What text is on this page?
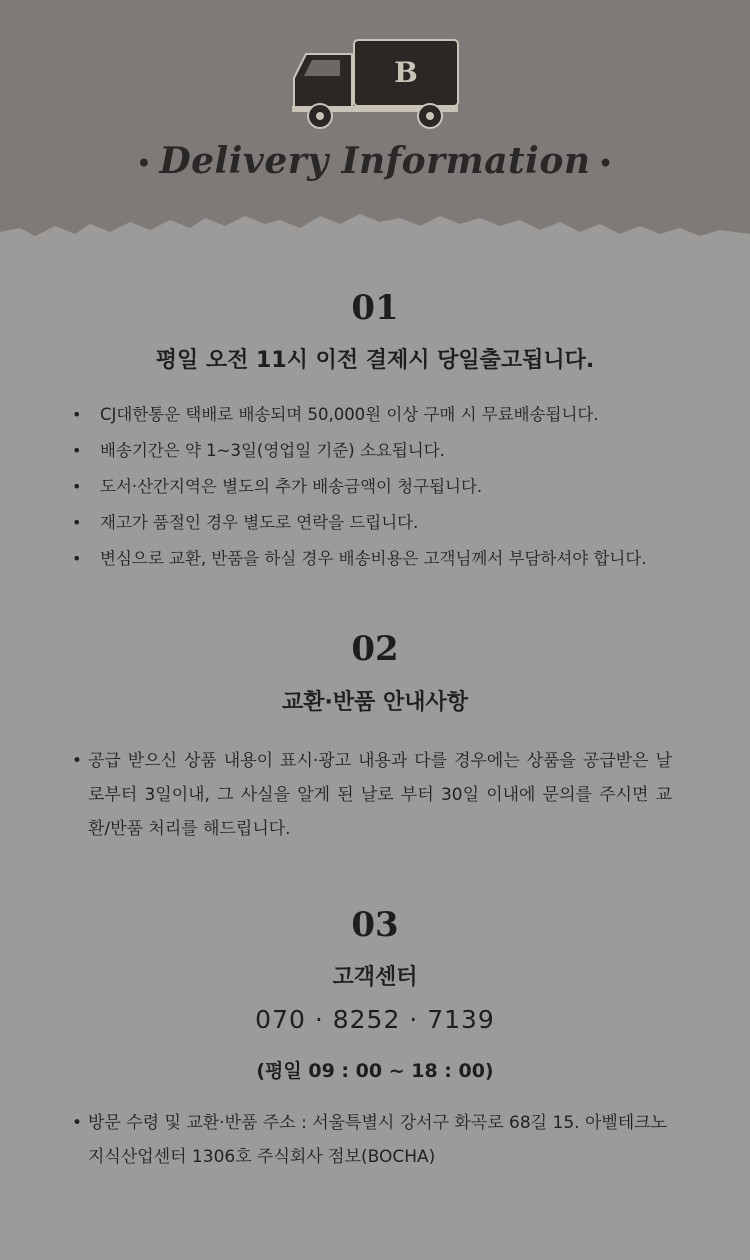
B
• Delivery Information •
01
평일 오전 11시 이전 결제시 당일출고됩니다.
• CJ대한통운 택배로 배송되며 50,000원 이상 구매 시 무료배송됩니다.
• 배송기간은 약 1~3일(영업일 기준) 소요됩니다.
• 도서·산간지역은 별도의 추가 배송금액이 청구됩니다.
• 재고가 품절인 경우 별도로 연락을 드립니다.
• 변심으로 교환, 반품을 하실 경우 배송비용은 고객님께서 부담하셔야 합니다.
02
교환·반품 안내사항
• 공급 받으신 상품 내용이 표시·광고 내용과 다를 경우에는 상품을 공급받은 날로부터 3일이내, 그 사실을 알게 된 날로 부터 30일 이내에 문의를 주시면 교환/반품 처리를 해드립니다.
03
고객센터
070 · 8252 · 7139
(평일 09 : 00 ~ 18 : 00)
• 방문 수령 및 교환·반품 주소 : 서울특별시 강서구 화곡로 68길 15. 아벨테크노 지식산업센터 1306호 주식회사 점보(BOCHA)
